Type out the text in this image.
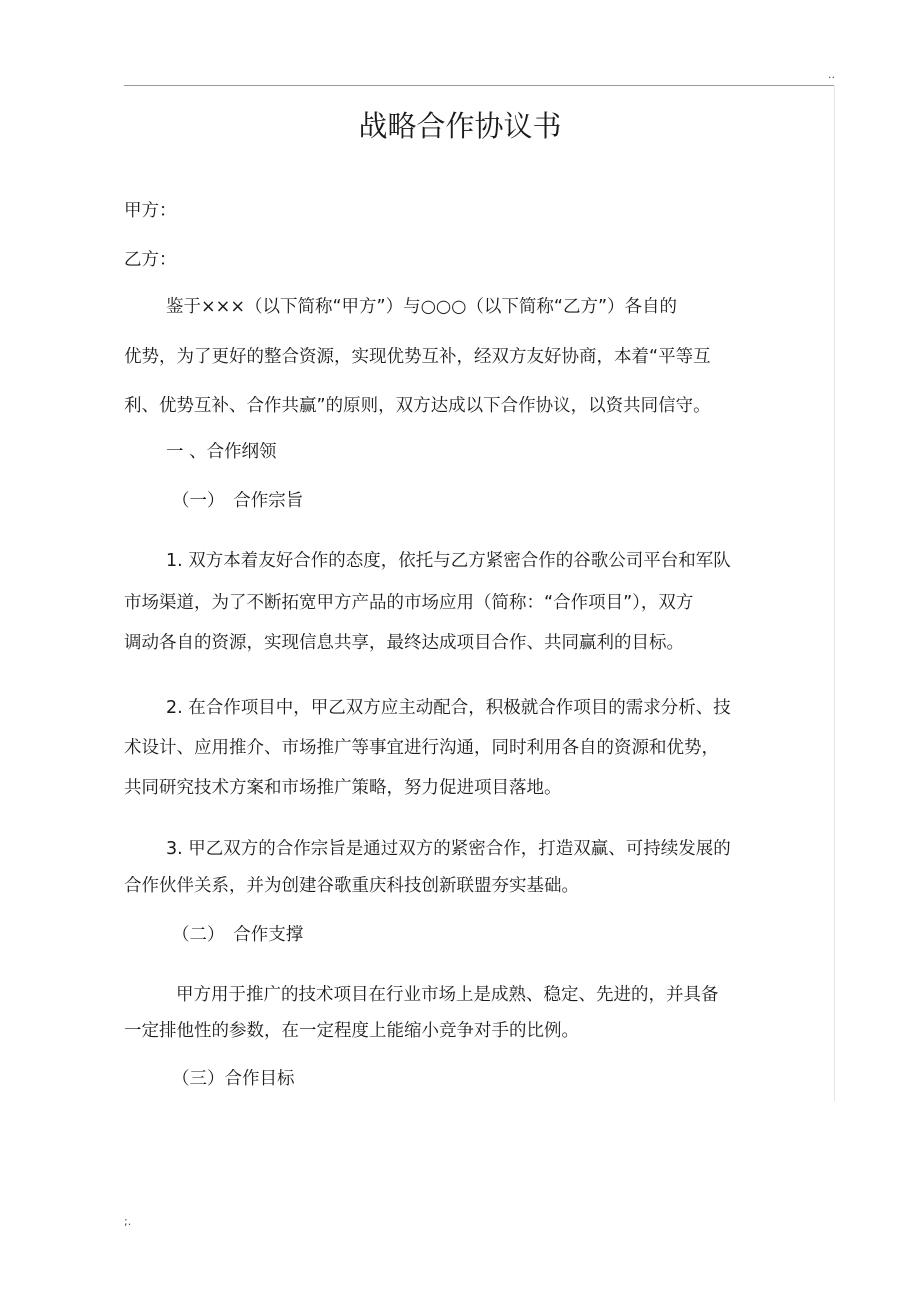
..
战略合作协议书
甲方：
乙方：
鉴于×××（以下简称“甲方”）与○○○（以下简称“乙方”）各自的
优势，为了更好的整合资源，实现优势互补，经双方友好协商，本着“平等互
利、优势互补、合作共赢”的原则，双方达成以下合作协议，以资共同信守。
一 、合作纲领
（一）　合作宗旨
1. 双方本着友好合作的态度，依托与乙方紧密合作的谷歌公司平台和军队
市场渠道，为了不断拓宽甲方产品的市场应用（简称：“合作项目”），双方
调动各自的资源，实现信息共享，最终达成项目合作、共同赢利的目标。
2. 在合作项目中，甲乙双方应主动配合，积极就合作项目的需求分析、技
术设计、应用推介、市场推广等事宜进行沟通，同时利用各自的资源和优势，
共同研究技术方案和市场推广策略，努力促进项目落地。
3. 甲乙双方的合作宗旨是通过双方的紧密合作，打造双赢、可持续发展的
合作伙伴关系，并为创建谷歌重庆科技创新联盟夯实基础。
（二）　合作支撑
甲方用于推广的技术项目在行业市场上是成熟、稳定、先进的，并具备
一定排他性的参数，在一定程度上能缩小竞争对手的比例。
（三）合作目标
;.
